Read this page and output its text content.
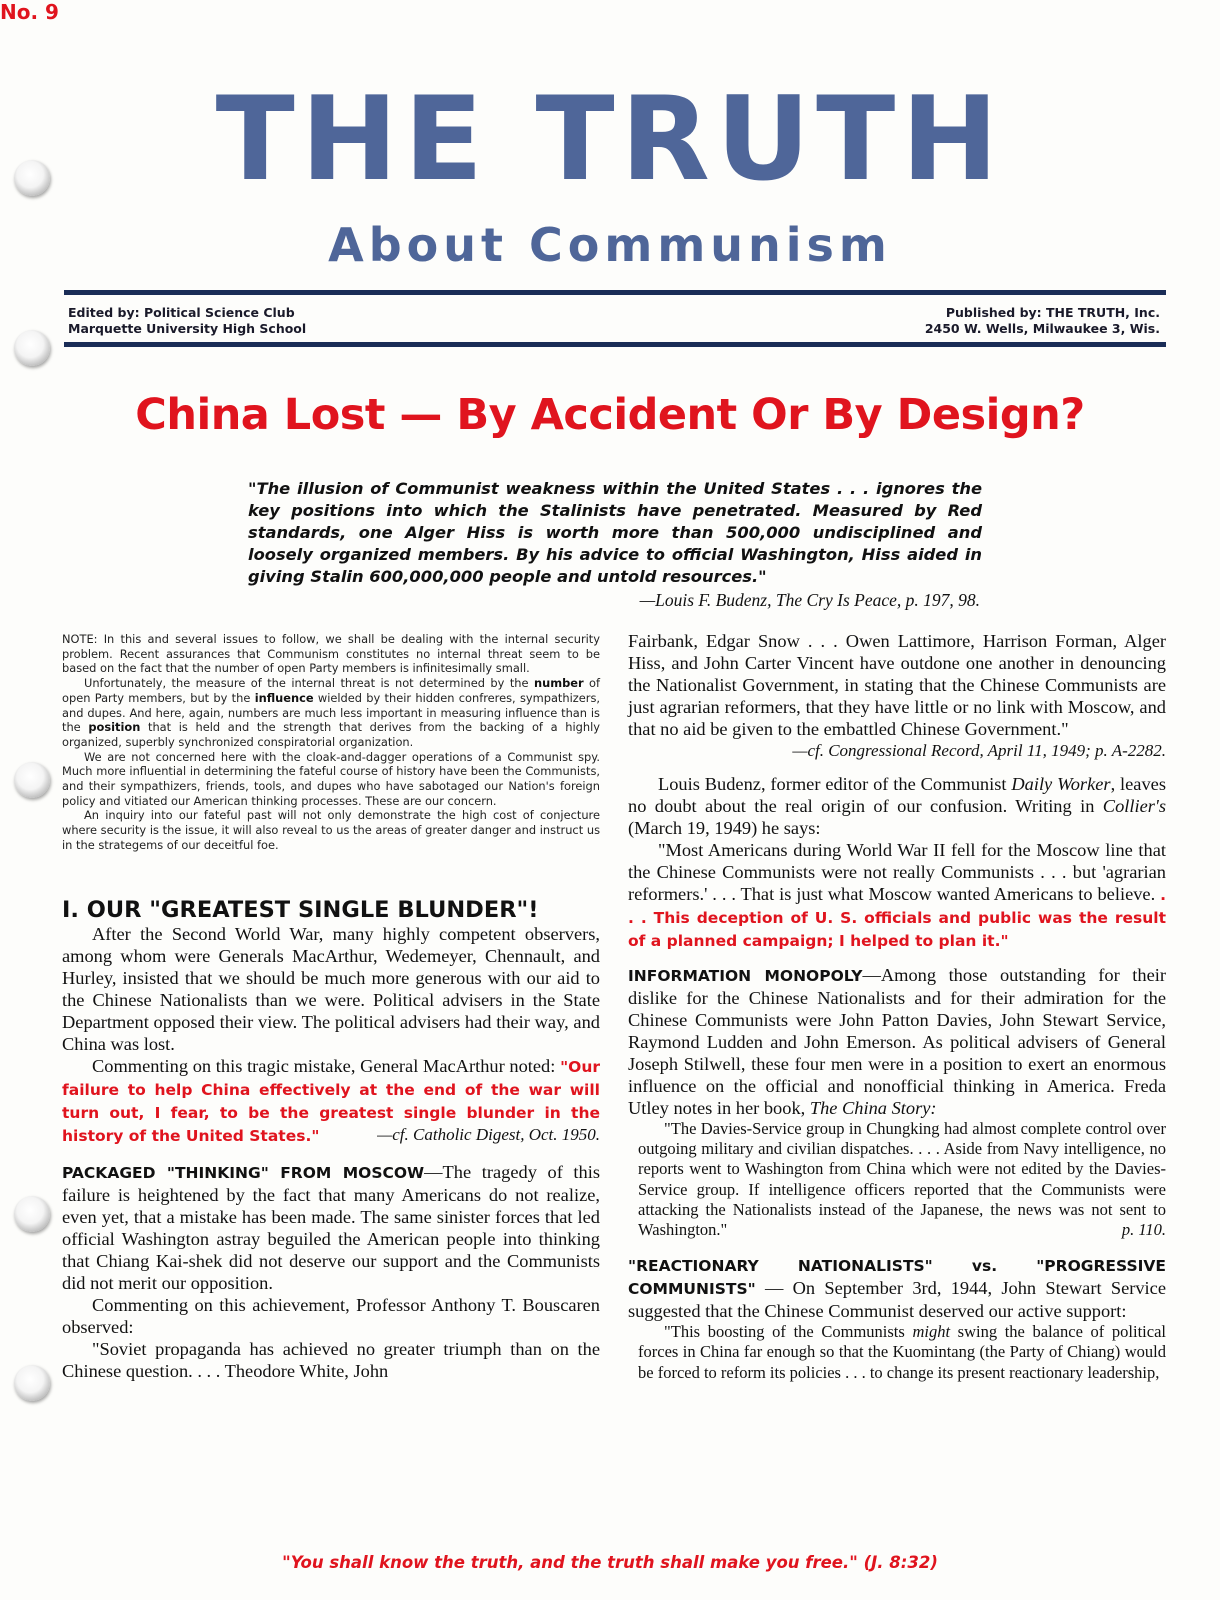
THE TRUTH
About Communism
Edited by: Political Science Club
Marquette University High School
No. 9
Published by: THE TRUTH, Inc.
2450 W. Wells, Milwaukee 3, Wis.
China Lost — By Accident Or By Design?
"The illusion of Communist weakness within the United States . . . ignores the key positions into which the Stalinists have penetrated. Measured by Red standards, one Alger Hiss is worth more than 500,000 undisciplined and loosely organized members. By his advice to official Washington, Hiss aided in giving Stalin 600,000,000 people and untold resources."
—Louis F. Budenz, The Cry Is Peace, p. 197, 98.

NOTE: In this and several issues to follow, we shall be dealing with the internal security problem. Recent assurances that Communism constitutes no internal threat seem to be based on the fact that the number of open Party members is infinitesimally small.

Unfortunately, the measure of the internal threat is not determined by the number of open Party members, but by the influence wielded by their hidden confreres, sympathizers, and dupes. And here, again, numbers are much less important in measuring influence than is the position that is held and the strength that derives from the backing of a highly organized, superbly synchronized conspiratorial organization.

We are not concerned here with the cloak-and-dagger operations of a Communist spy. Much more influential in determining the fateful course of history have been the Communists, and their sympathizers, friends, tools, and dupes who have sabotaged our Nation's foreign policy and vitiated our American thinking processes. These are our concern.

An inquiry into our fateful past will not only demonstrate the high cost of conjecture where security is the issue, it will also reveal to us the areas of greater danger and instruct us in the strategems of our deceitful foe.

I. OUR "GREATEST SINGLE BLUNDER"!

After the Second World War, many highly competent observers, among whom were Generals MacArthur, Wedemeyer, Chennault, and Hurley, insisted that we should be much more generous with our aid to the Chinese Nationalists than we were. Political advisers in the State Department opposed their view. The political advisers had their way, and China was lost.

Commenting on this tragic mistake, General MacArthur noted: "Our failure to help China effectively at the end of the war will turn out, I fear, to be the greatest single blunder in the history of the United States."	—cf. Catholic Digest, Oct. 1950.

PACKAGED "THINKING" FROM MOSCOW—The tragedy of this failure is heightened by the fact that many Americans do not realize, even yet, that a mistake has been made. The same sinister forces that led official Washington astray beguiled the American people into thinking that Chiang Kai-shek did not deserve our support and the Communists did not merit our opposition.

Commenting on this achievement, Professor Anthony T. Bouscaren observed:

"Soviet propaganda has achieved no greater triumph than on the Chinese question. . . . Theodore White, John

Fairbank, Edgar Snow . . . Owen Lattimore, Harrison Forman, Alger Hiss, and John Carter Vincent have outdone one another in denouncing the Nationalist Government, in stating that the Chinese Communists are just agrarian reformers, that they have little or no link with Moscow, and that no aid be given to the embattled Chinese Government."

—cf. Congressional Record, April 11, 1949; p. A-2282.

Louis Budenz, former editor of the Communist Daily Worker, leaves no doubt about the real origin of our confusion. Writing in Collier's (March 19, 1949) he says:

"Most Americans during World War II fell for the Moscow line that the Chinese Communists were not really Communists . . . but 'agrarian reformers.' . . . That is just what Moscow wanted Americans to believe. . . . This deception of U. S. officials and public was the result of a planned campaign; I helped to plan it."

INFORMATION MONOPOLY—Among those outstanding for their dislike for the Chinese Nationalists and for their admiration for the Chinese Communists were John Patton Davies, John Stewart Service, Raymond Ludden and John Emerson. As political advisers of General Joseph Stilwell, these four men were in a position to exert an enormous influence on the official and nonofficial thinking in America. Freda Utley notes in her book, The China Story:

"The Davies-Service group in Chungking had almost complete control over outgoing military and civilian dispatches. . . . Aside from Navy intelligence, no reports went to Washington from China which were not edited by the Davies-Service group. If intelligence officers reported that the Communists were attacking the Nationalists instead of the Japanese, the news was not sent to Washington."	p. 110.

"REACTIONARY NATIONALISTS" vs. "PROGRESSIVE COMMUNISTS" — On September 3rd, 1944, John Stewart Service suggested that the Chinese Communist deserved our active support:

"This boosting of the Communists might swing the balance of political forces in China far enough so that the Kuomintang (the Party of Chiang) would be forced to reform its policies . . . to change its present reactionary leadership,

"You shall know the truth, and the truth shall make you free." (J. 8:32)
